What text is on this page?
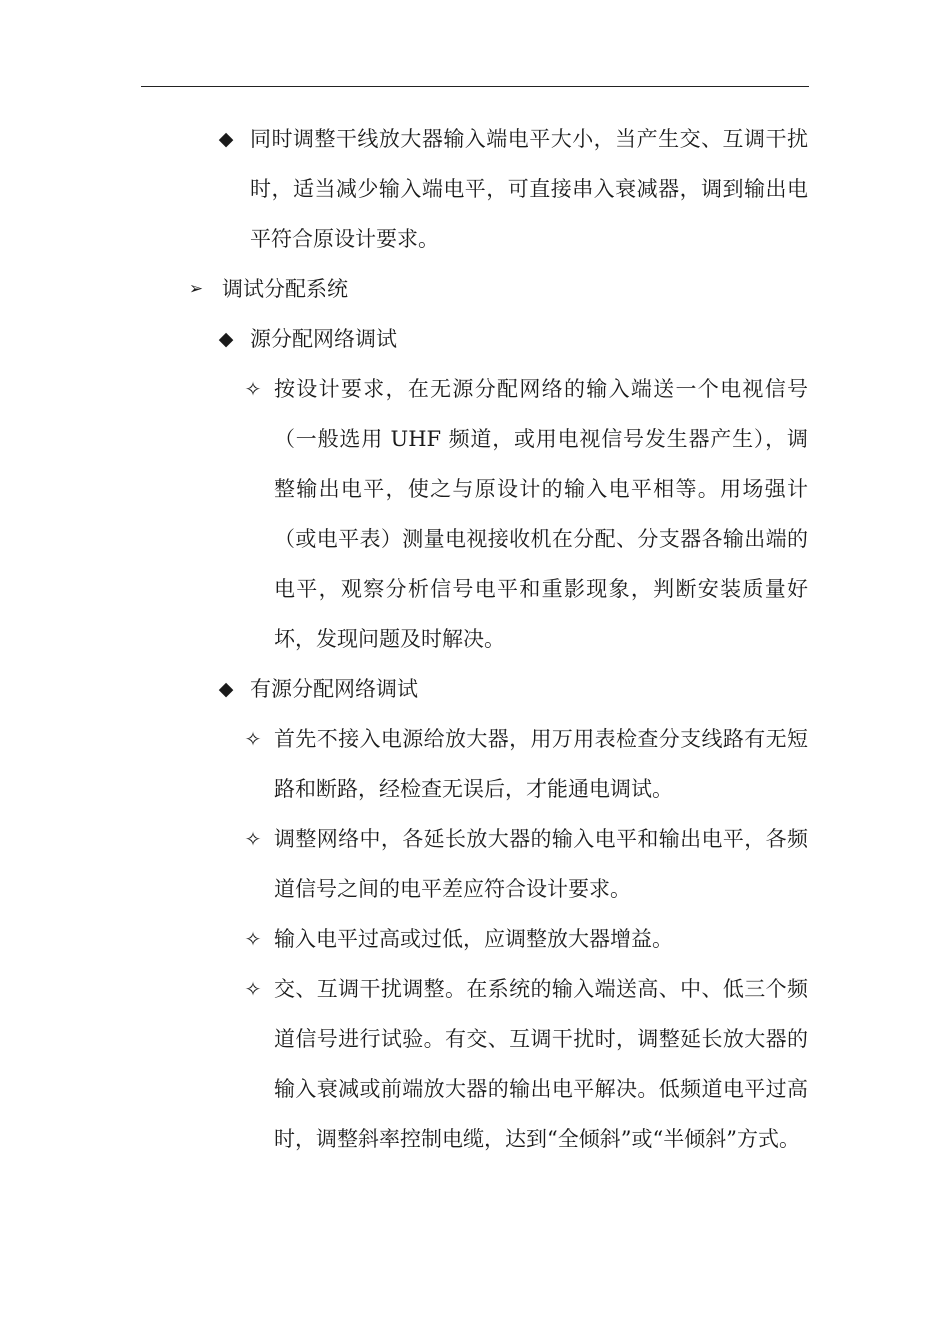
◆ 同时调整干线放大器输入端电平大小，当产生交、互调干扰时，适当减少输入端电平，可直接串入衰减器，调到输出电平符合原设计要求。
➢ 调试分配系统
◆ 源分配网络调试
✧ 按设计要求，在无源分配网络的输入端送一个电视信号（一般选用 UHF 频道，或用电视信号发生器产生），调整输出电平，使之与原设计的输入电平相等。用场强计（或电平表）测量电视接收机在分配、分支器各输出端的电平，观察分析信号电平和重影现象，判断安装质量好坏，发现问题及时解决。
◆ 有源分配网络调试
✧ 首先不接入电源给放大器，用万用表检查分支线路有无短路和断路，经检查无误后，才能通电调试。
✧ 调整网络中，各延长放大器的输入电平和输出电平，各频道信号之间的电平差应符合设计要求。
✧ 输入电平过高或过低，应调整放大器增益。
✧ 交、互调干扰调整。在系统的输入端送高、中、低三个频道信号进行试验。有交、互调干扰时，调整延长放大器的输入衰减或前端放大器的输出电平解决。低频道电平过高时，调整斜率控制电缆，达到“全倾斜”或“半倾斜”方式。
